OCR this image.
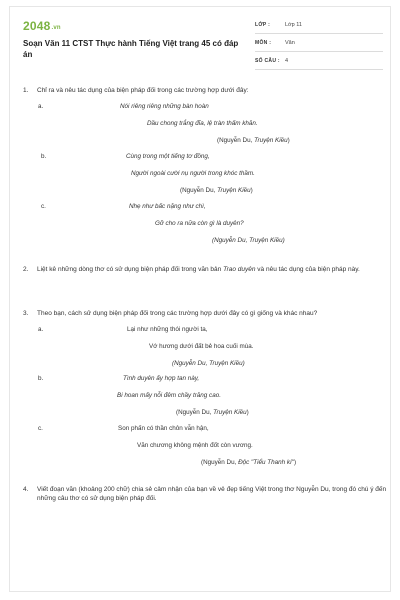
2048.vn
Soạn Văn 11 CTST Thực hành Tiếng Việt trang 45 có đáp án
LỚP :	Lớp 11
MÔN :	Văn
SỐ CÂU : 4
1.	Chỉ ra và nêu tác dụng của biện pháp đối trong các trường hợp dưới đây:
a.	Nói riêng riêng những bàn hoàn
Dầu chong trắng đĩa, lệ tràn thấm khăn.
(Nguyễn Du, Truyện Kiều)
b.	Cùng trong một tiếng tơ đồng,
Người ngoài cười nụ người trong khóc thầm.
(Nguyễn Du, Truyện Kiều)
c.	Nhẹ như bấc nặng như chì,
Gỡ cho ra nữa còn gì là duyên?
(Nguyễn Du, Truyện Kiều)
2.	Liệt kê những dòng thơ có sử dụng biện pháp đối trong văn bản Trao duyên và nêu tác dụng của biện pháp này.
3.	Theo bạn, cách sử dụng biện pháp đối trong các trường hợp dưới đây có gì giống và khác nhau?
a.	Lại như những thói người ta,
Vớ hương dưới đất bẻ hoa cuối mùa.
(Nguyễn Du, Truyện Kiều)
b.	Tình duyên ấy hợp tan này,
Bi hoan mấy nỗi đêm chầy trăng cao.
(Nguyễn Du, Truyện Kiều)
c.	Son phấn có thần chôn vẫn hận,
Văn chương không mệnh đốt còn vương.
(Nguyễn Du, Độc "Tiểu Thanh kí")
4.	Viết đoạn văn (khoảng 200 chữ) chia sẻ cảm nhận của bạn về vẻ đẹp tiếng Việt trong thơ Nguyễn Du, trong đó chú ý đến những câu thơ có sử dụng biện pháp đối.
